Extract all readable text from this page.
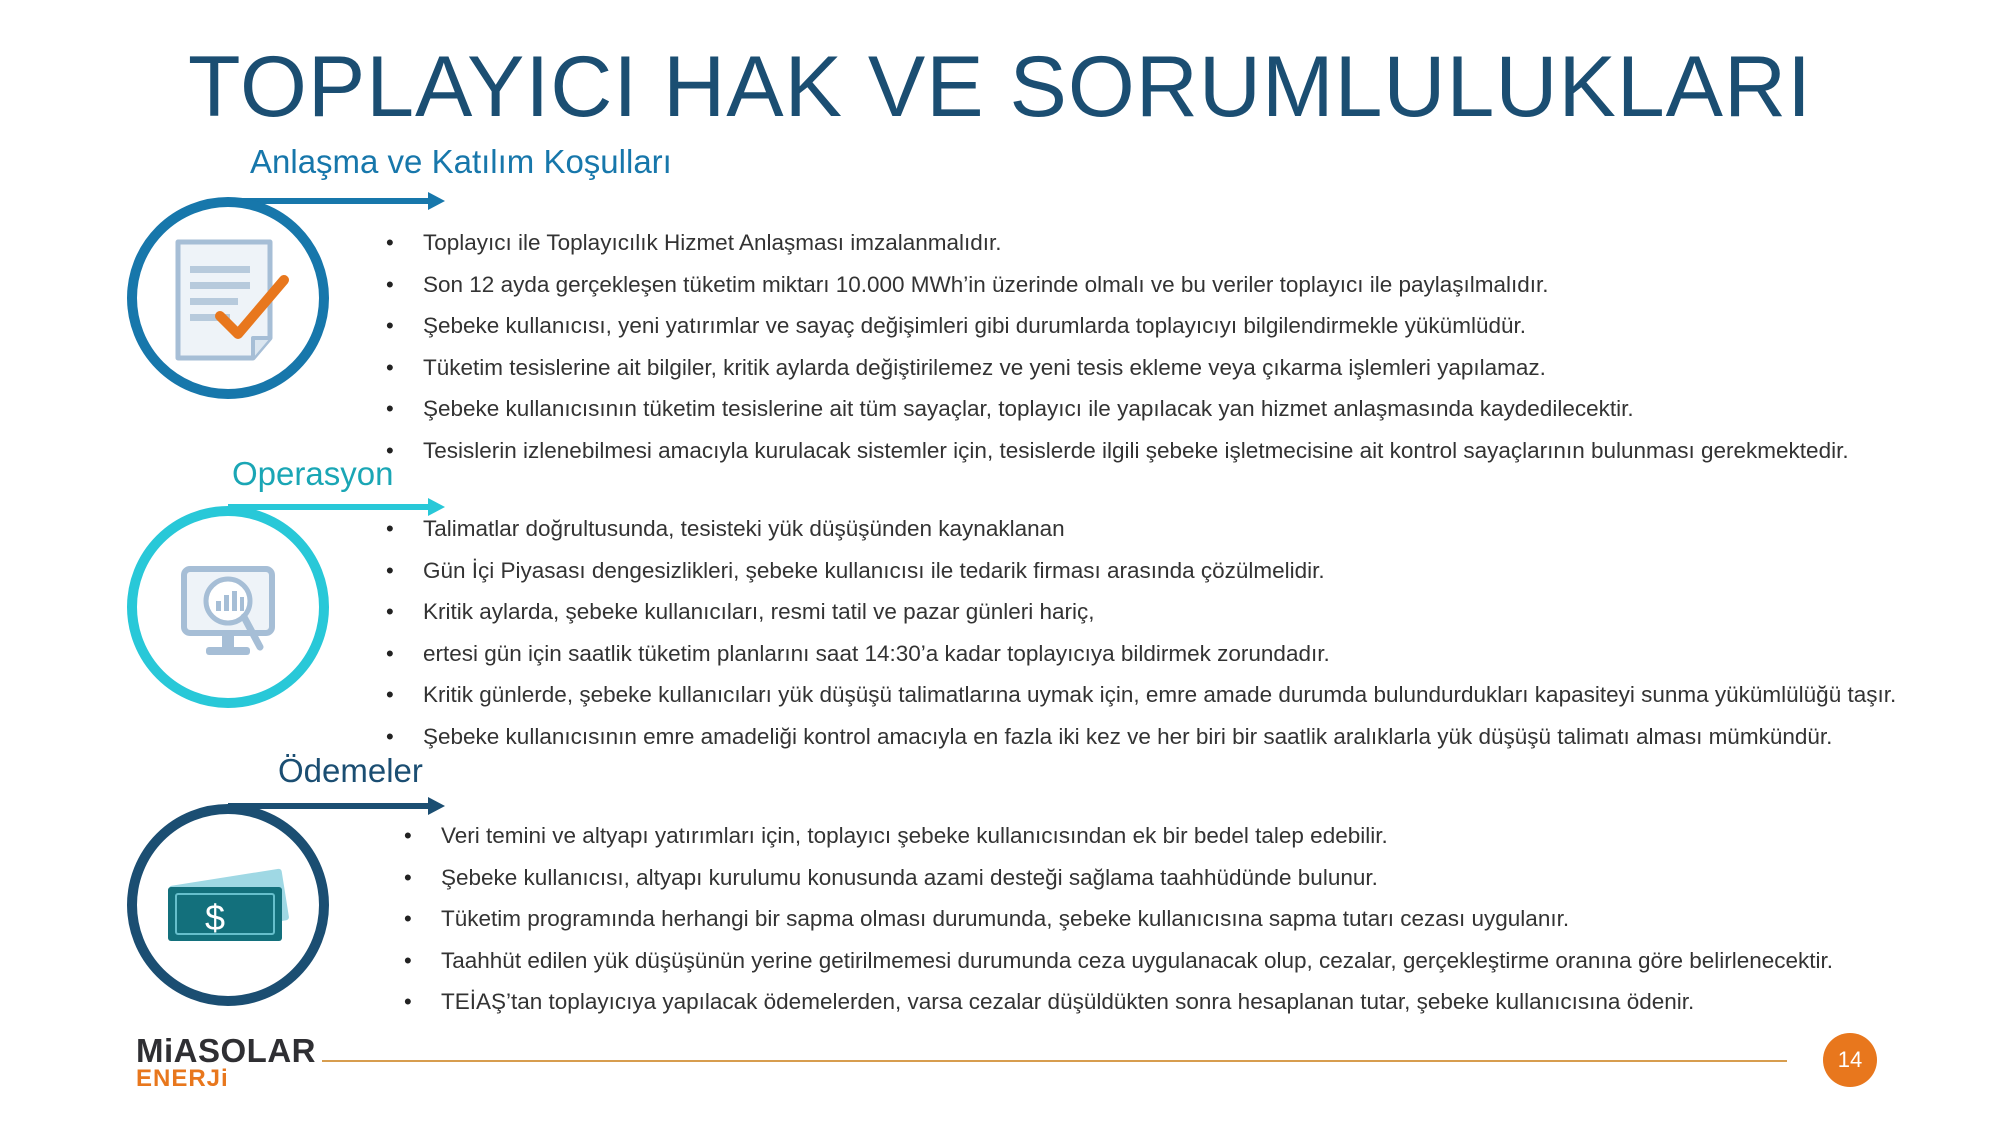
TOPLAYICI HAK VE SORUMLULUKLARI
Anlaşma ve Katılım Koşulları
• Toplayıcı ile Toplayıcılık Hizmet Anlaşması imzalanmalıdır.
• Son 12 ayda gerçekleşen tüketim miktarı 10.000 MWh’in üzerinde olmalı ve bu veriler toplayıcı ile paylaşılmalıdır.
• Şebeke kullanıcısı, yeni yatırımlar ve sayaç değişimleri gibi durumlarda toplayıcıyı bilgilendirmekle yükümlüdür.
• Tüketim tesislerine ait bilgiler, kritik aylarda değiştirilemez ve yeni tesis ekleme veya çıkarma işlemleri yapılamaz.
• Şebeke kullanıcısının tüketim tesislerine ait tüm sayaçlar, toplayıcı ile yapılacak yan hizmet anlaşmasında kaydedilecektir.
• Tesislerin izlenebilmesi amacıyla kurulacak sistemler için, tesislerde ilgili şebeke işletmecisine ait kontrol sayaçlarının bulunması gerekmektedir.
Operasyon
• Talimatlar doğrultusunda, tesisteki yük düşüşünden kaynaklanan
• Gün İçi Piyasası dengesizlikleri, şebeke kullanıcısı ile tedarik firması arasında çözülmelidir.
• Kritik aylarda, şebeke kullanıcıları, resmi tatil ve pazar günleri hariç,
• ertesi gün için saatlik tüketim planlarını saat 14:30’a kadar toplayıcıya bildirmek zorundadır.
• Kritik günlerde, şebeke kullanıcıları yük düşüşü talimatlarına uymak için, emre amade durumda bulundurdukları kapasiteyi sunma yükümlülüğü taşır.
• Şebeke kullanıcısının emre amadeliği kontrol amacıyla en fazla iki kez ve her biri bir saatlik aralıklarla yük düşüşü talimatı alması mümkündür.
Ödemeler
$
• Veri temini ve altyapı yatırımları için, toplayıcı şebeke kullanıcısından ek bir bedel talep edebilir.
• Şebeke kullanıcısı, altyapı kurulumu konusunda azami desteği sağlama taahhüdünde bulunur.
• Tüketim programında herhangi bir sapma olması durumunda, şebeke kullanıcısına sapma tutarı cezası uygulanır.
• Taahhüt edilen yük düşüşünün yerine getirilmemesi durumunda ceza uygulanacak olup, cezalar, gerçekleştirme oranına göre belirlenecektir.
• TEİAŞ’tan toplayıcıya yapılacak ödemelerden, varsa cezalar düşüldükten sonra hesaplanan tutar, şebeke kullanıcısına ödenir.
MiASOLAR
ENERJi
14
